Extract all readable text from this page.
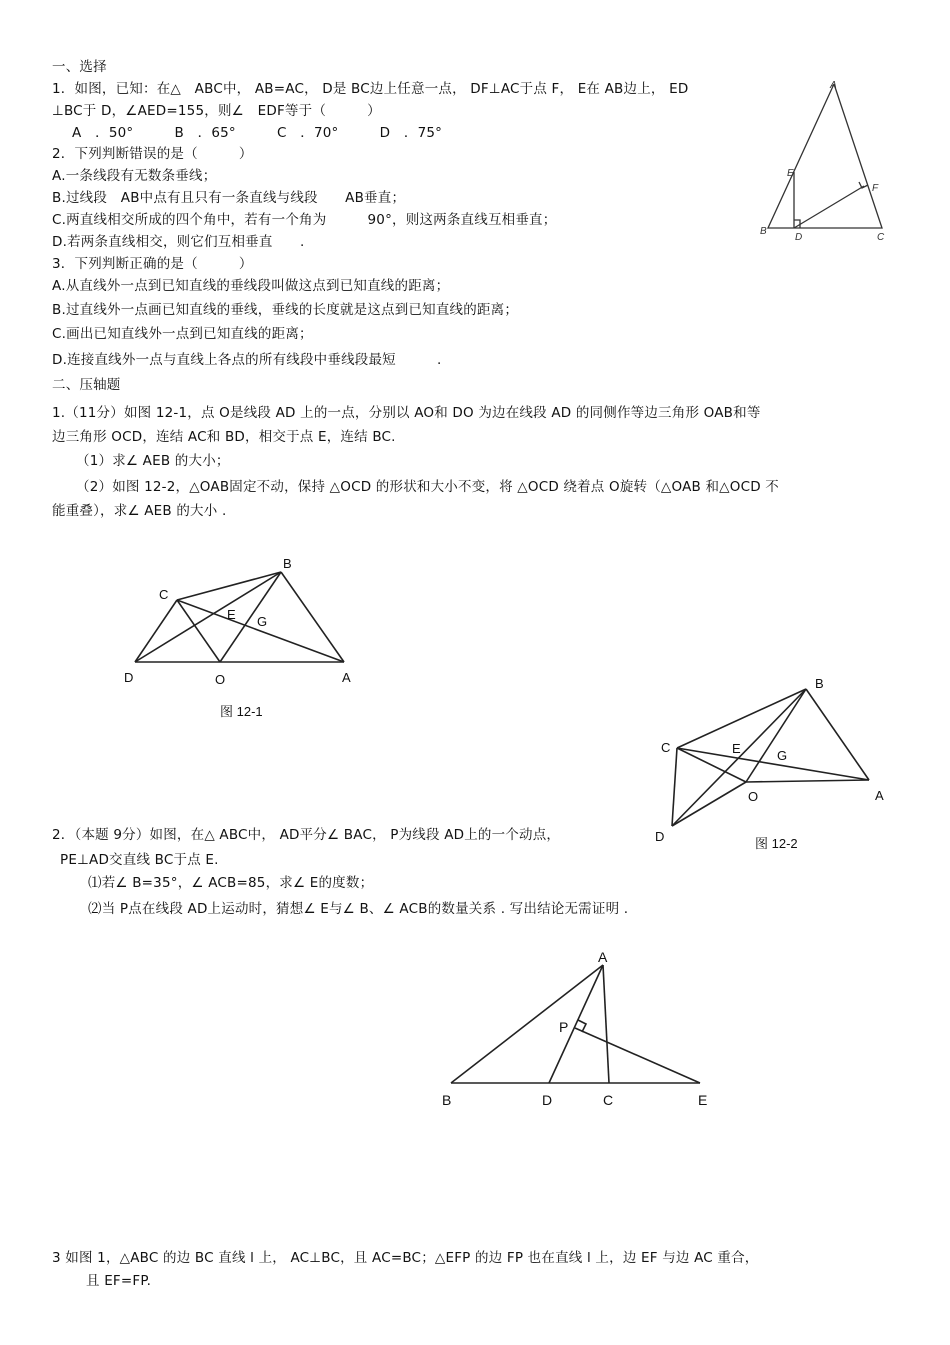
一、选择
1．如图，已知：在△　ABC中， AB=AC， D是 BC边上任意一点， DF⊥AC于点 F， E在 AB边上， ED
⊥BC于 D，∠AED=155，则∠　EDF等于（　　　）
A　．50°　　　B　．65°　　　C　．70°　　　D　．75°
2．下列判断错误的是（　　　）
A.一条线段有无数条垂线；
B.过线段　AB中点有且只有一条直线与线段　　AB垂直；
C.两直线相交所成的四个角中，若有一个角为　　　90°，则这两条直线互相垂直；
D.若两条直线相交，则它们互相垂直　　.
3．下列判断正确的是（　　　）
A.从直线外一点到已知直线的垂线段叫做这点到已知直线的距离；
B.过直线外一点画已知直线的垂线，垂线的长度就是这点到已知直线的距离；
C.画出已知直线外一点到已知直线的距离；
D.连接直线外一点与直线上各点的所有线段中垂线段最短　　　.
二、压轴题
1.（11分）如图 12-1，点 O是线段 AD 上的一点，分别以 AO和 DO 为边在线段 AD 的同侧作等边三角形 OAB和等
边三角形 OCD，连结 AC和 BD，相交于点 E，连结 BC.
（1）求∠ AEB 的大小；
（2）如图 12-2，△OAB固定不动，保持 △OCD 的形状和大小不变，将 △OCD 绕着点 O旋转（△OAB 和△OCD 不
能重叠），求∠ AEB 的大小 .
2．（本题 9分）如图，在△ ABC中， AD平分∠ BAC， P为线段 AD上的一个动点，
PE⊥AD交直线 BC于点 E.
⑴若∠ B=35°，∠ ACB=85，求∠ E的度数；
⑵当 P点在线段 AD上运动时，猜想∠ E与∠ B、∠ ACB的数量关系 . 写出结论无需证明 .
3 如图 1，△ABC 的边 BC 直线 l 上， AC⊥BC，且 AC=BC；△EFP 的边 FP 也在直线 l 上，边 EF 与边 AC 重合，
且 EF=FP.
A
B
C
D
E
F
B
C
E G
D	O	A
图 12-1
B
C	E	G
O	A
D	图 12-2
A
P
B	D	C	E
